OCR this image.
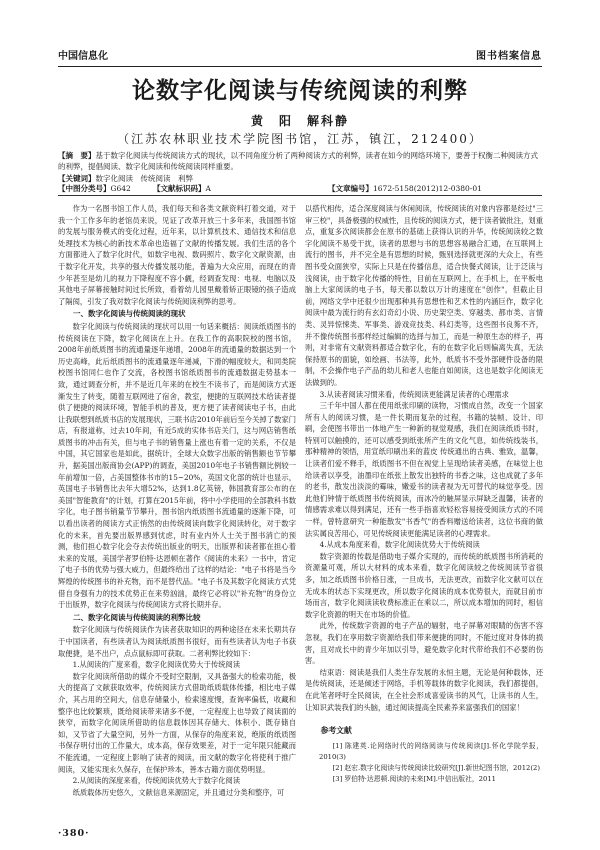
中国信息化	图书档案信息
论数字化阅读与传统阅读的利弊
黄　阳　解科静
（江苏农林职业技术学院图书馆，江苏，镇江，212400）
【摘　要】基于数字化阅读与传统阅读方式的现状，以不同角度分析了两种阅读方式的利弊，读者在如今的网络环境下，要善于权衡二种阅读方式的利弊，提倡阅读、数字化阅读和传统阅读同样重要。
【关键词】数字化阅读　传统阅读　利弊
【中图分类号】G642	【文献标识码】A	【文章编号】1672-5158(2012)12-0380-01

作为一名图书馆工作人员，我们每天和各类文献资料打着交道，对于我一个工作多年的老馆员来说，见证了改革开放三十多年来，我国图书馆的发展与服务模式的变化过程，近年来，以计算机技术、通信技术和信息处理技术为核心的新技术革命也造福了文献的传播发展。我们生活的各个方面都进入了数字化时代，如数字电视、数码照片、数字化文献资源，由于数字化开发，共享的强大传播发展功能，普遍为大众应用，而现在的青少年甚至是幼儿的视力下降程度不容小觑，经调查发现：电视、电脑以及其他电子屏幕接触时间过长所致，看着幼儿园里戴着矫正眼镜的孩子造成了隔阂，引发了我对数字化阅读与传统阅读利弊的思考。

一、数字化阅读与传统阅读的现状

数字化阅读与传统阅读的现状可以用一句话来概括：阅读纸质图书的传统阅读在下降，数字化阅读在上升。在我工作的高职院校的图书馆，2008年前纸质图书的流通量逐年递增，2008年的流通量的数据达到一个历史高峰，此后纸质图书的流通量逐年递减，下滑的幅度较大，和同类院校图书馆同仁也作了交流，各校图书馆纸质图书的流通数据走势基本一致，通过调查分析，并不是近几年来的在校生不读书了，而是阅读方式逐渐发生了转变，随着互联网进了宿舍，教室，便捷的互联网技术给读者提供了便捷的阅读环境，智能手机的普及，更方便了读者阅读电子书，由此让我联想到纸质书店的发展现状，三联书店2010年前后至今关掉了数家门店，有报道称，过去10年间，有近5成的实体书店关门，这与网店销售纸质图书的冲击有关，但与电子书的销售量上涨也有着一定的关系，不仅是中国，其它国家也是如此，据统计，全球大众数字出版的销售额也节节攀升，据美国出版商协会(APP)的调查，美国2010年电子书销售额比例较一年前增加一倍，占美国整体书市的15~20%，英国文化部的统计也显示，英国电子书销售比去年大增52%，达到1.8亿英镑，韩国教育部公布的在美国"智能教育"的计划，打算在2015年前，将中小学使用的全部教科书数字化，电子图书销量节节攀升，图书馆内纸质图书流通量的逐渐下降，可以看出读者的阅读方式正悄然的由传统阅读向数字化阅读转化，对于数字化的未来，首先要出版界感到忧虑，时有业内外人士关于图书消亡的预测，他们担心数字化会夺去传统出版业的明天，出版界和读者都在担心着未来的发展，美国学者罗伯特·达恩顿在著作《阅读的未来》一书中，肯定了电子书的优势与强大威力，但最终给出了这样的结论："电子书将是当今辉煌的传统图书的补充物，而不是替代品。"电子书及其数字化阅读方式凭借自身强有力的技术优势正在来势汹汹，最终它必将以"补充物"的身份立于出版界，数字化阅读与传统阅读方式将长期并存。

二、数字化阅读与传统阅读的利弊比较

数字化阅读与传统阅读作为读者获取知识的两种途径在未来长期共存于中国读者，有些读者认为阅读纸质图书很好，而有些读者认为电子书获取便捷，是不出户，点点鼠标即可获取。二者利弊比较如下：

1.从阅读的广度来看，数字化阅读优势大于传统阅读

数字化阅读所借助的媒介不受时空限制，又具备强大的检索功能，极大的提高了文献获取效率，传统阅读方式借助纸质载体传播，相比电子媒介，其占用的空间大，信息存储量小，检索速度慢，查询率偏低，收藏和整序也比较繁琐，既给阅读带来诸多不便，一定程度上也导致了阅读面的狭窄，而数字化阅读所借助的信息载体因其存储大、体积小、既存储自如，又节省了大量空间，另外一方面，从保存的角度来说，绝版的纸质图书保存明付出的工作量大，成本高，保存效果差，对于一定年限只能藏而不能流通，一定程度上影响了读者的阅读，而文献的数字化将使利于推广阅读，又能实现永久保存，在保护珍本，善本古籍方面优势明显。

2.从阅读的深度来看，传统阅读优势大于数字化阅读

纸质载体历史悠久，文献信息来源固定，并且通过分类和整序，可

以搭代相传，适合深度阅读与休闲阅读，传统阅读的对象内容都是经过"三审三校"，具备极强的权威性，且传统的阅读方式，便于读者做批注，划重点，重复多次阅读都会在原书的基础上获得认识的升华，传统阅读较之数字化阅读不易受干扰，读者的思想与书的思想容易融合汇通，在互联网上流行的图书，并不完全是有思想的时候，甄别选择就更深的大众上，有些图书受众面狭窄，实际上只是在传播信息，适合快餐式阅读，让于泛读与浅阅读，由于数字化传播的特性，目前在互联网上，在手机上，在平板电脑上大家阅读的电子书，每天都以数以万计的速度在"创作"，但截止目前，网络文学中还很少出现那种具有思想性和艺术性的内涵巨作，数字化阅读中最为流行的有玄幻奇幻小说、历史架空类、穿越类、都市类、言情类、灵异惊悚类、军事类、游戏竞技类、科幻类等，这些图书良莠不齐，并不像传统图书那样经过编辑的选择与加工，而是一种原生态的样子，再则，对非常有文献资料都适合数字化，有的在数字化后则偏离失真，无法保持原书的面貌，如绘画、书法等，此外，纸质书不受外部硬件设备的限制，不会操作电子产品的幼儿和老人也能自如阅读，这也是数字化阅读无法做到的。

3.从读者阅读习惯来看，传统阅读更能满足读者的心理需求

三千年中国人都在使用纸张印刷的读物，习惯成自然，改变一个国家所有人的阅读习惯，是一件长期而复杂的过程，书籍的装帧、设计、印刷，会使图书带出一体地产生一种新的视觉观感，我们在阅读纸质书时，特别可以触摸的，还可以感受到纸张所产生的文化气息，如传统线装书，那种精神的领悟，用宣纸印刷出来的蓝皮 传统通出的古典、雅致，温馨，让读者们爱不释手，纸质图书不但在视觉上呈现给读者美感，在味觉上也给读者以享受，油墨印在纸张上散发出独特的书香之味，这也成就了多年的老书，散发出淡淡的霉味，嫩爱书的读者视为无可替代的味觉享受。因此他们钟情于纸质图书传统阅读，而冰冷的触屏显示屏缺乏温馨，读者的情感需求难以得到满足，还有一些手指喜欢轻松容易接受阅读方式的不同一样，曾特意研究一种能散发"书香气"的香料赠送给读者，这位书商的做法实属良苦用心，可见传统阅读更能满足读者的心理需求。

4.从成本角度来看，数字化阅读优势大于传统阅读

数字资源的传载是借助电子媒介实现的，而传统的纸质图书所消耗的资源量可观，所以大材料的成本来看，数字化阅读较之传统阅读节省很多，加之纸质图书价格日涨，一旦成书，无法更改，而数字化文献可以在无成本的状态下实现更改，所以数字化阅读的成本优势很大，而就目前市场而言，数字化阅读读收费标准正在乘以二，所以成本增加的同时，相信数字化资源的明天在市场的价值。

此外，传统数字资源的电子产品的辐射，电子屏幕对眼睛的伤害不容忽视，我们在享用数字资源给我们带来便捷的同时，不能过度对身体的损害，且对成长中的青少年加以引导，避免数字化时代带给我们不必要的伤害。

结束语：阅读是我们人类生存发展的永恒主题，无论是何种载体，还是传统阅读，还是倾述于网络，手机等载体的数字化阅读，我们都提倡，在此笔者呼吁全民阅读，在全社会形成喜爱读书的风气，让读书的人生，让知识武装我们的头脑，通过阅读提高全民素养来富强我们的国家！

参考文献

[1] 陈建英.论网络时代的网络阅读与传统阅读[J].怀化学院学报，2010(3)

[2] 赵宏.数字化阅读与传统阅读比较研究[J].新世纪图书馆，2012(2)

[3] 罗伯特·达恩顿.阅读的未来[M].中信出版社，2011

·380·
